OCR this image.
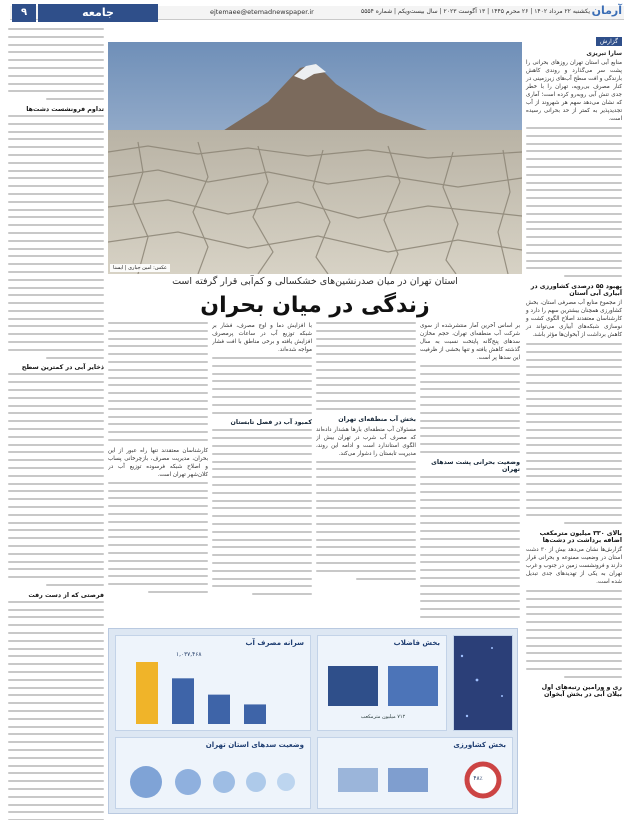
آرمان
یکشنبه ۲۲ مرداد ۱۴۰۲ | ۲۶ محرم ۱۴۴۵ | ۱۳ آگوست ۲۰۲۳ | سال بیست‌و‌یکم | شماره ۵۵۵۴
ejtemaee@etemadnewspaper.ir
جامعه
۹
گزارش
سارا تبریزی
منابع آبی استان تهران روز‌های بحرانی را پشت سر می‌گذارد و روندی کاهش بارندگی و افت سطح آب‌های زیرزمینی در کنار مصرف بی‌رویه، تهران را با خطر جدی تنش آبی روبه‌رو کرده است؛ آماری که نشان می‌دهد سهم هر شهروند از آب تجدیدپذیر به کمتر از حد بحرانی رسیده است.
بهبود ۵۵ درصدی کشاورزی در آبیاری آبی استان
از مجموع منابع آب مصرفی استان، بخش کشاورزی همچنان بیشترین سهم را دارد و کارشناسان معتقدند اصلاح الگوی کشت و نوسازی شبکه‌های آبیاری می‌تواند در کاهش برداشت از آبخوان‌ها مؤثر باشد.
بالای ۳۳۰ میلیون مترمکعب اضافه برداشت در دشت‌ها
گزارش‌ها نشان می‌دهد بیش از ۳۰ دشت استان در وضعیت ممنوعه و بحرانی قرار دارند و فرونشست زمین در جنوب و غرب تهران به یکی از تهدیدهای جدی تبدیل شده است.
ری و ورامین رتبه‌های اول بیلان آبی در بخش آبخوان
تداوم فرونشست دشت‌ها
ذخایر آبی در کمترین سطح
فرصتی که از دست رفت
عکس: امین جباری | ایسنا
استان تهران در میان صدرنشین‌های خشکسالی و کم‌آبی قرار گرفته است
زندگی در میان بحران
بر اساس آخرین آمار منتشرشده از سوی شرکت آب منطقه‌ای تهران، حجم مخازن سدهای پنج‌گانه پایتخت نسبت به سال گذشته کاهش یافته و تنها بخشی از ظرفیت این سدها پر است.
وضعیت بحرانی پشت سدهای تهران
بخش آب منطقه‌ای تهران
مسئولان آب منطقه‌ای بارها هشدار داده‌اند که مصرف آب شرب در تهران بیش از الگوی استاندارد است و ادامه این روند، مدیریت تابستان را دشوار می‌کند.
با افزایش دما و اوج مصرف، فشار بر شبکه توزیع آب در ساعات پرمصرف افزایش یافته و برخی مناطق با افت فشار مواجه شده‌اند.
کمبود آب در فصل تابستان
کارشناسان معتقدند تنها راه عبور از این بحران، مدیریت مصرف، بازچرخانی پساب و اصلاح شبکه فرسوده توزیع آب در کلان‌شهر تهران است.
سرانه مصرف آب
۱,۰۳۷,۴۶۸
بخش فاضلاب
۷۱۲ میلیون مترمکعب
وضعیت سدهای استان تهران	بخش کشاورزی
۴۸٪
